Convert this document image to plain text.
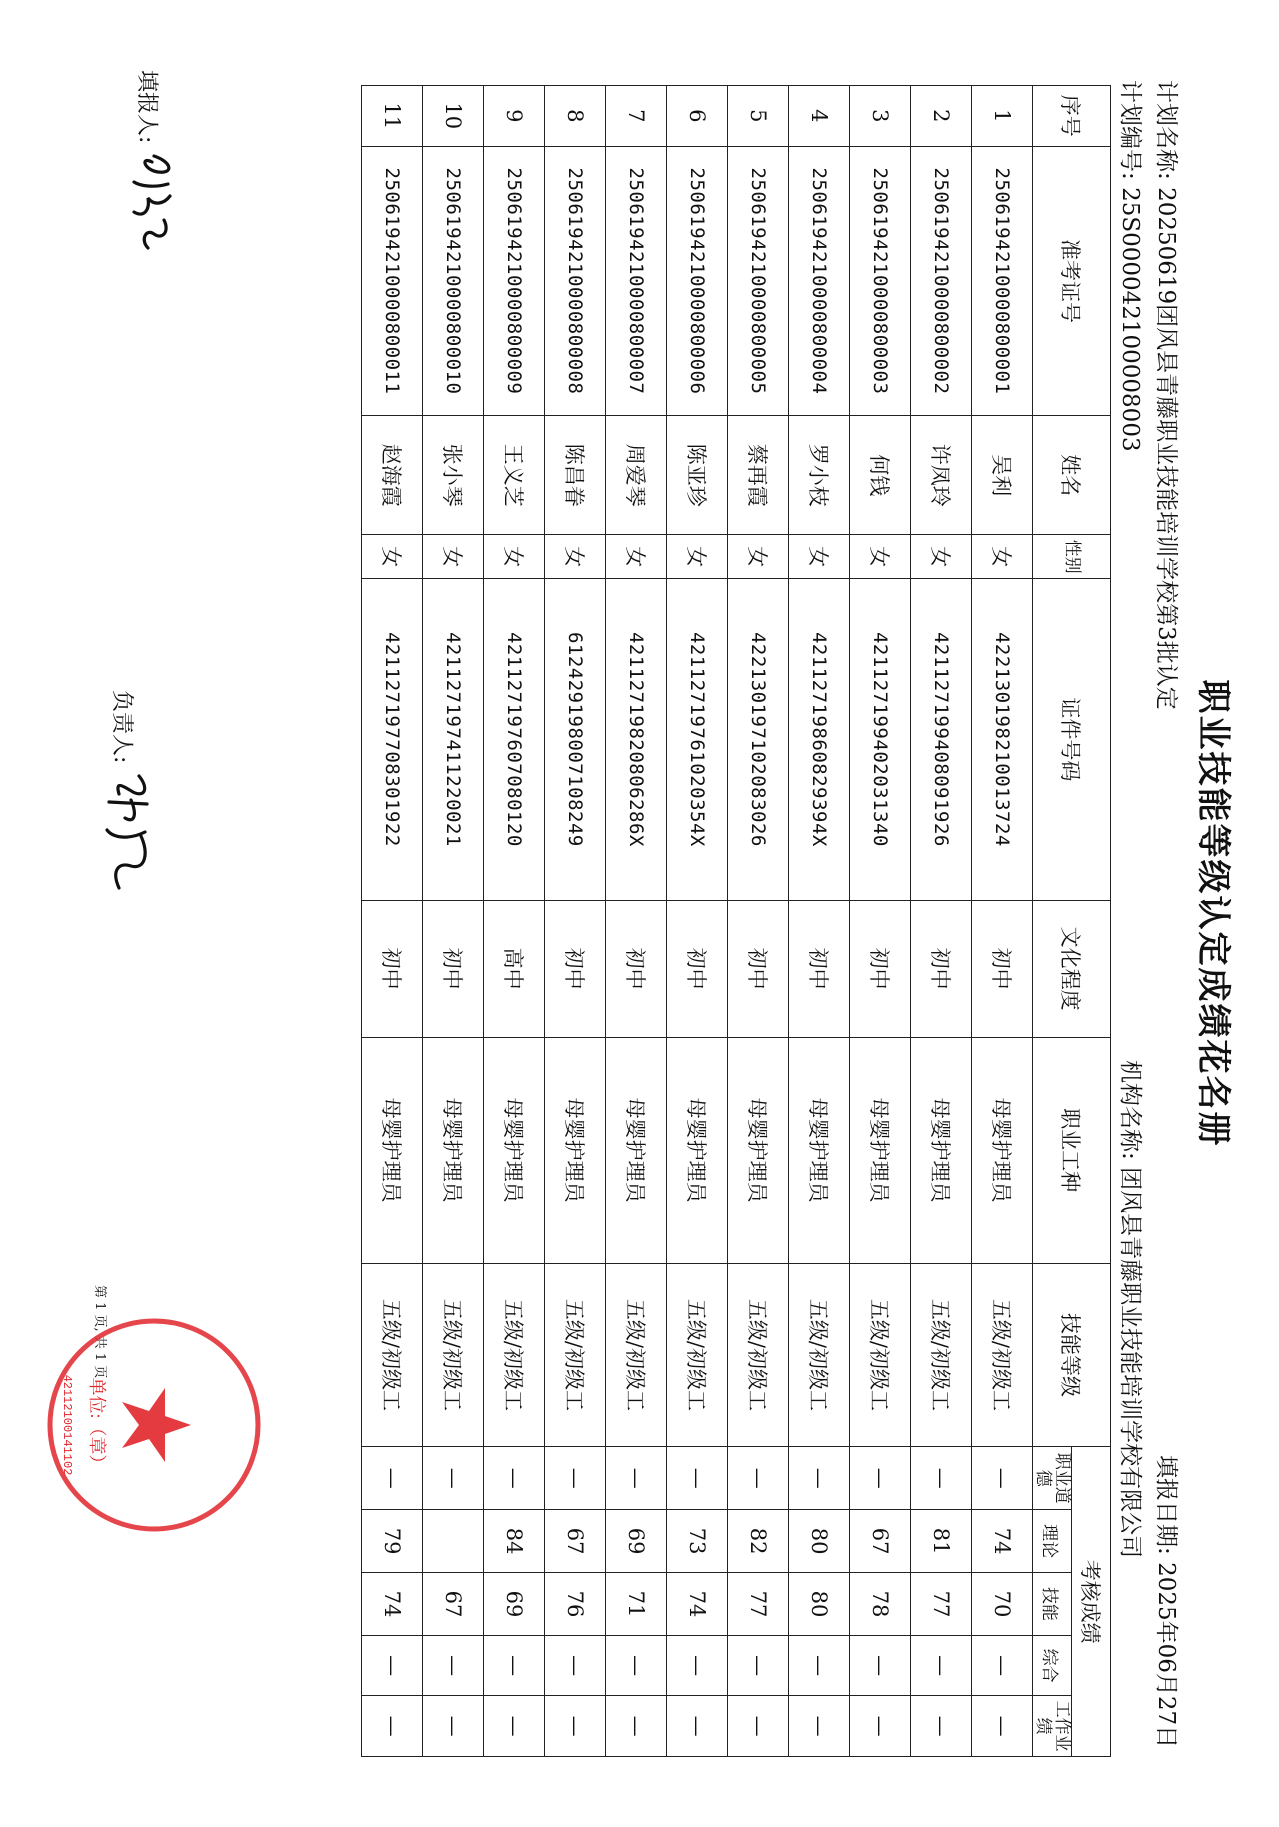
职业技能等级认定成绩花名册
计划名称: 20250619团风县青藤职业技能培训学校第3批认定
填报日期: 2025年06月27日
计划编号: 25S000042100008003
机构名称: 团风县青藤职业技能培训学校有限公司
序号	准考证号	姓名	性别	证件号码	文化程度	职业工种	技能等级	考核成绩				
								职业道德	理论	技能	综合	工作业绩
1	2506194210000800001	吴利	女	422130198210013724	初中	母婴护理员	五级/初级工	—	74	70	—	—
2	2506194210000800002	许凤玲	女	421127199408091926	初中	母婴护理员	五级/初级工	—	81	77	—	—
3	2506194210000800003	何钱	女	421127199402031340	初中	母婴护理员	五级/初级工	—	67	78	—	—
4	2506194210000800004	罗小枝	女	42112719860829394X	初中	母婴护理员	五级/初级工	—	80	80	—	—
5	2506194210000800005	蔡再霞	女	422130197102083026	初中	母婴护理员	五级/初级工	—	82	77	—	—
6	2506194210000800006	陈亚珍	女	42112719761020354X	初中	母婴护理员	五级/初级工	—	73	74	—	—
7	2506194210000800007	周爱琴	女	42112719820806286X	初中	母婴护理员	五级/初级工	—	69	71	—	—
8	2506194210000800008	陈昌眷	女	612429198007108249	初中	母婴护理员	五级/初级工	—	67	76	—	—
9	2506194210000800009	王义芝	女	421127197607080120	高中	母婴护理员	五级/初级工	—	84	69	—	—
10	2506194210000800010	张小琴	女	421127197411220021	初中	母婴护理员	五级/初级工	—		67	—	—
11	2506194210000800011	赵海霞	女	421127197708301922	初中	母婴护理员	五级/初级工	—	79	74	—	—
填报人:
负责人:
第 1 页, 共 1 页
单位:（章）
42112100141102
